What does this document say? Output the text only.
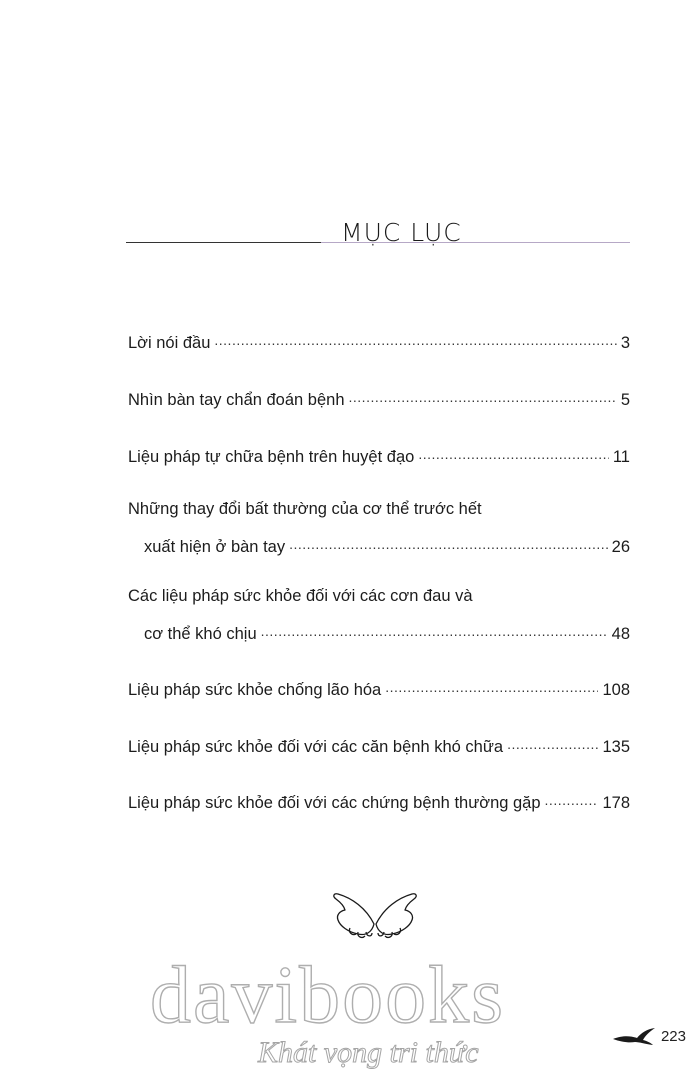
MỤC LỤC
Lời nói đầu .....	3
Nhìn bàn tay chẩn đoán bệnh .....	5
Liệu pháp tự chữa bệnh trên huyệt đạo .....	11
Những thay đổi bất thường của cơ thể trước hết
xuất hiện ở bàn tay .....	26
Các liệu pháp sức khỏe đối với các cơn đau và
cơ thể khó chịu .....	48
Liệu pháp sức khỏe chống lão hóa .....	108
Liệu pháp sức khỏe đối với các căn bệnh khó chữa .....	135
Liệu pháp sức khỏe đối với các chứng bệnh thường gặp .....	178
davibooks
Khát vọng tri thức	223
